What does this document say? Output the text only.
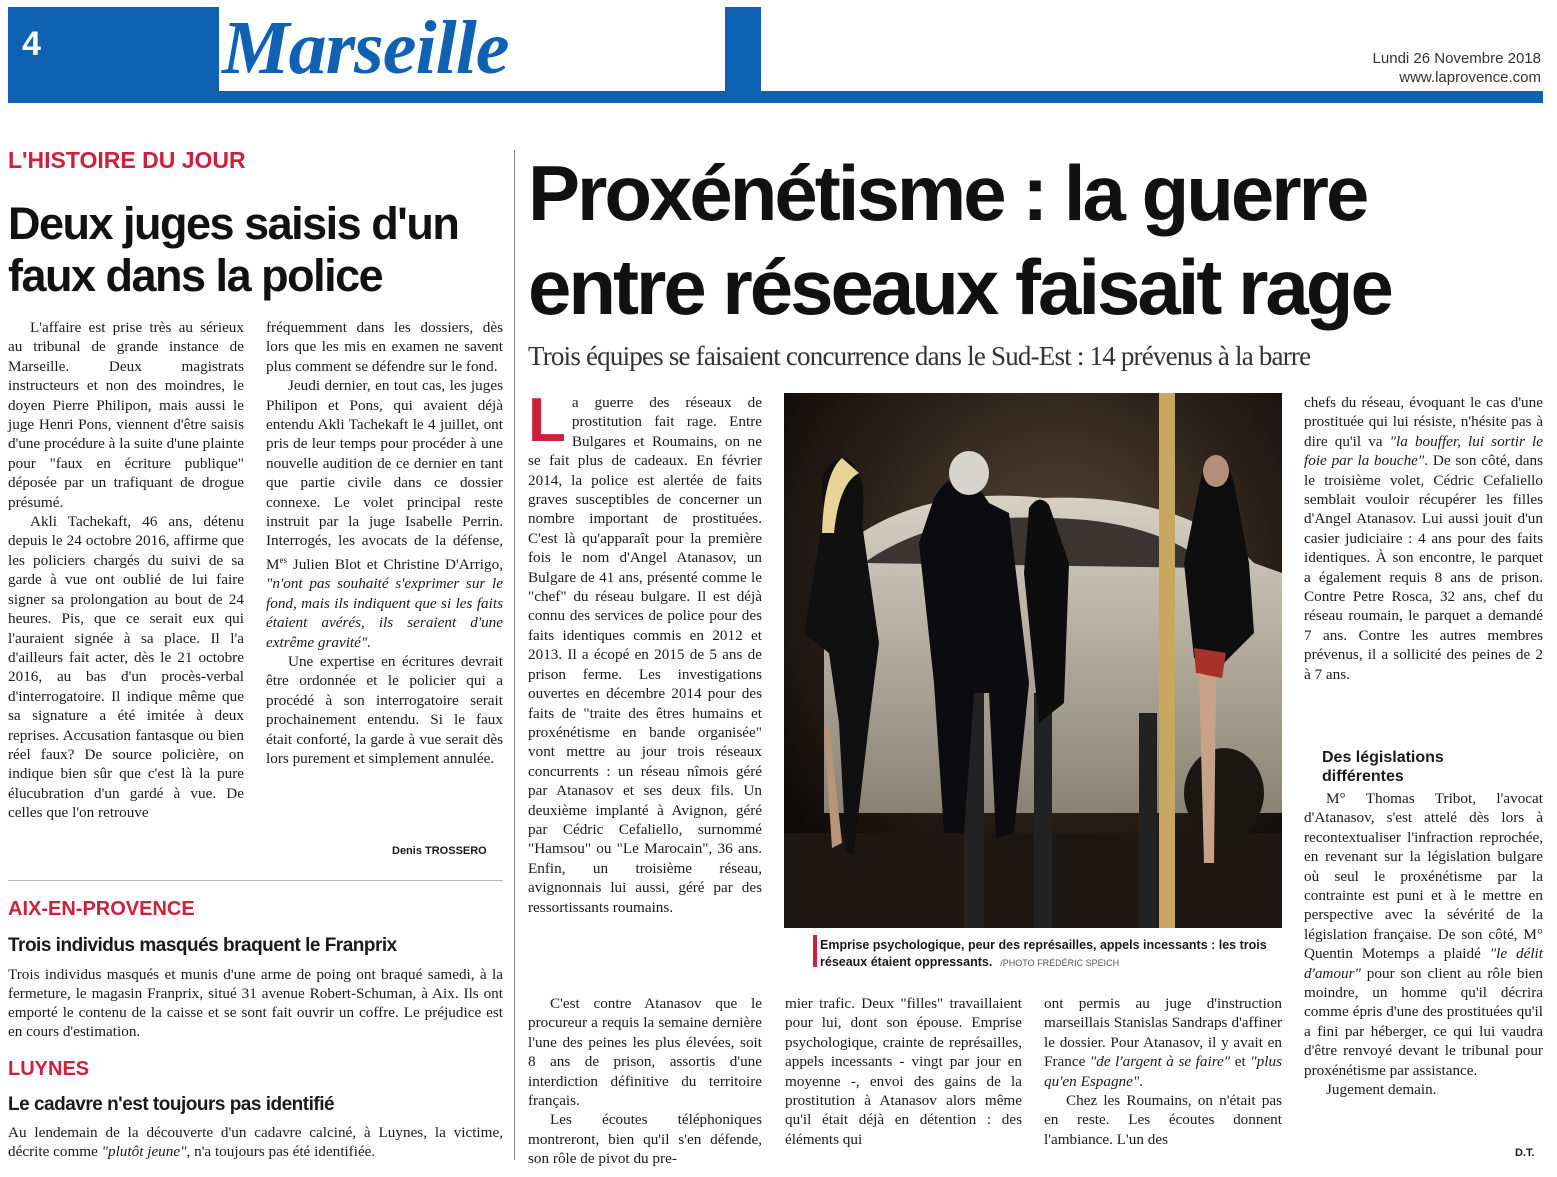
4 Marseille	Lundi 26 Novembre 2018
www.laprovence.com
L'HISTOIRE DU JOUR
Deux juges saisis d'un faux dans la police

L'affaire est prise très au sérieux au tribunal de grande instance de Marseille. Deux magistrats instructeurs et non des moindres, le doyen Pierre Philipon, mais aussi le juge Henri Pons, viennent d'être saisis d'une procédure à la suite d'une plainte pour "faux en écriture publique" déposée par un trafiquant de drogue présumé.

Akli Tachekaft, 46 ans, détenu depuis le 24 octobre 2016, affirme que les policiers chargés du suivi de sa garde à vue ont oublié de lui faire signer sa prolongation au bout de 24 heures. Pis, que ce serait eux qui l'auraient signée à sa place. Il l'a d'ailleurs fait acter, dès le 21 octobre 2016, au bas d'un procès-verbal d'interrogatoire. Il indique même que sa signature a été imitée à deux reprises. Accusation fantasque ou bien réel faux? De source policière, on indique bien sûr que c'est là la pure élucubration d'un gardé à vue. De celles que l'on retrouve

fréquemment dans les dossiers, dès lors que les mis en examen ne savent plus comment se défendre sur le fond.

Jeudi dernier, en tout cas, les juges Philipon et Pons, qui avaient déjà entendu Akli Tachekaft le 4 juillet, ont pris de leur temps pour procéder à une nouvelle audition de ce dernier en tant que partie civile dans ce dossier connexe. Le volet principal reste instruit par la juge Isabelle Perrin. Interrogés, les avocats de la défense, $M^{es}$ Julien Blot et Christine D'Arrigo, "n'ont pas souhaité s'exprimer sur le fond, mais ils indiquent que si les faits étaient avérés, ils seraient d'une extrême gravité".

Une expertise en écritures devrait être ordonnée et le policier qui a procédé à son interrogatoire serait prochainement entendu. Si le faux était conforté, la garde à vue serait dès lors purement et simplement annulée.

Denis TROSSERO
AIX-EN-PROVENCE
Trois individus masqués braquent le Franprix
Trois individus masqués et munis d'une arme de poing ont braqué samedi, à la fermeture, le magasin Franprix, situé 31 avenue Robert-Schuman, à Aix. Ils ont emporté le contenu de la caisse et se sont fait ouvrir un coffre. Le préjudice est en cours d'estimation.
LUYNES
Le cadavre n'est toujours pas identifié
Au lendemain de la découverte d'un cadavre calciné, à Luynes, la victime, décrite comme "plutôt jeune", n'a toujours pas été identifiée.
Proxénétisme : la guerre entre réseaux faisait rage
Trois équipes se faisaient concurrence dans le Sud-Est : 14 prévenus à la barre

La guerre des réseaux de prostitution fait rage. Entre Bulgares et Roumains, on ne se fait plus de cadeaux. En février 2014, la police est alertée de faits graves susceptibles de concerner un nombre important de prostituées. C'est là qu'apparaît pour la première fois le nom d'Angel Atanasov, un Bulgare de 41 ans, présenté comme le "chef" du réseau bulgare. Il est déjà connu des services de police pour des faits identiques commis en 2012 et 2013. Il a écopé en 2015 de 5 ans de prison ferme. Les investigations ouvertes en décembre 2014 pour des faits de "traite des êtres humains et proxénétisme en bande organisée" vont mettre au jour trois réseaux concurrents : un réseau nîmois géré par Atanasov et ses deux fils. Un deuxième implanté à Avignon, géré par Cédric Cefaliello, surnommé "Hamsou" ou "Le Marocain", 36 ans. Enfin, un troisième réseau, avignonnais lui aussi, géré par des ressortissants roumains.

Emprise psychologique, peur des représailles, appels incessants : les trois réseaux étaient oppressants. /PHOTO FRÉDÉRIC SPEICH

C'est contre Atanasov que le procureur a requis la semaine dernière l'une des peines les plus élevées, soit 8 ans de prison, assortis d'une interdiction définitive du territoire français.

Les écoutes téléphoniques montreront, bien qu'il s'en défende, son rôle de pivot du pre-

mier trafic. Deux "filles" travaillaient pour lui, dont son épouse. Emprise psychologique, crainte de représailles, appels incessants - vingt par jour en moyenne -, envoi des gains de la prostitution à Atanasov alors même qu'il était déjà en détention : des éléments qui

ont permis au juge d'instruction marseillais Stanislas Sandraps d'affiner le dossier. Pour Atanasov, il y avait en France "de l'argent à se faire" et "plus qu'en Espagne".

Chez les Roumains, on n'était pas en reste. Les écoutes donnent l'ambiance. L'un des

chefs du réseau, évoquant le cas d'une prostituée qui lui résiste, n'hésite pas à dire qu'il va "la bouffer, lui sortir le foie par la bouche". De son côté, dans le troisième volet, Cédric Cefaliello semblait vouloir récupérer les filles d'Angel Atanasov. Lui aussi jouit d'un casier judiciaire : 4 ans pour des faits identiques. À son encontre, le parquet a également requis 8 ans de prison. Contre Petre Rosca, 32 ans, chef du réseau roumain, le parquet a demandé 7 ans. Contre les autres membres prévenus, il a sollicité des peines de 2 à 7 ans.

Des législations différentes

M° Thomas Tribot, l'avocat d'Atanasov, s'est attelé dès lors à recontextualiser l'infraction reprochée, en revenant sur la législation bulgare où seul le proxénétisme par la contrainte est puni et à le mettre en perspective avec la sévérité de la législation française. De son côté, M° Quentin Motemps a plaidé "le délit d'amour" pour son client au rôle bien moindre, un homme qu'il décrira comme épris d'une des prostituées qu'il a fini par héberger, ce qui lui vaudra d'être renvoyé devant le tribunal pour proxénétisme par assistance.

Jugement demain.

D.T.
